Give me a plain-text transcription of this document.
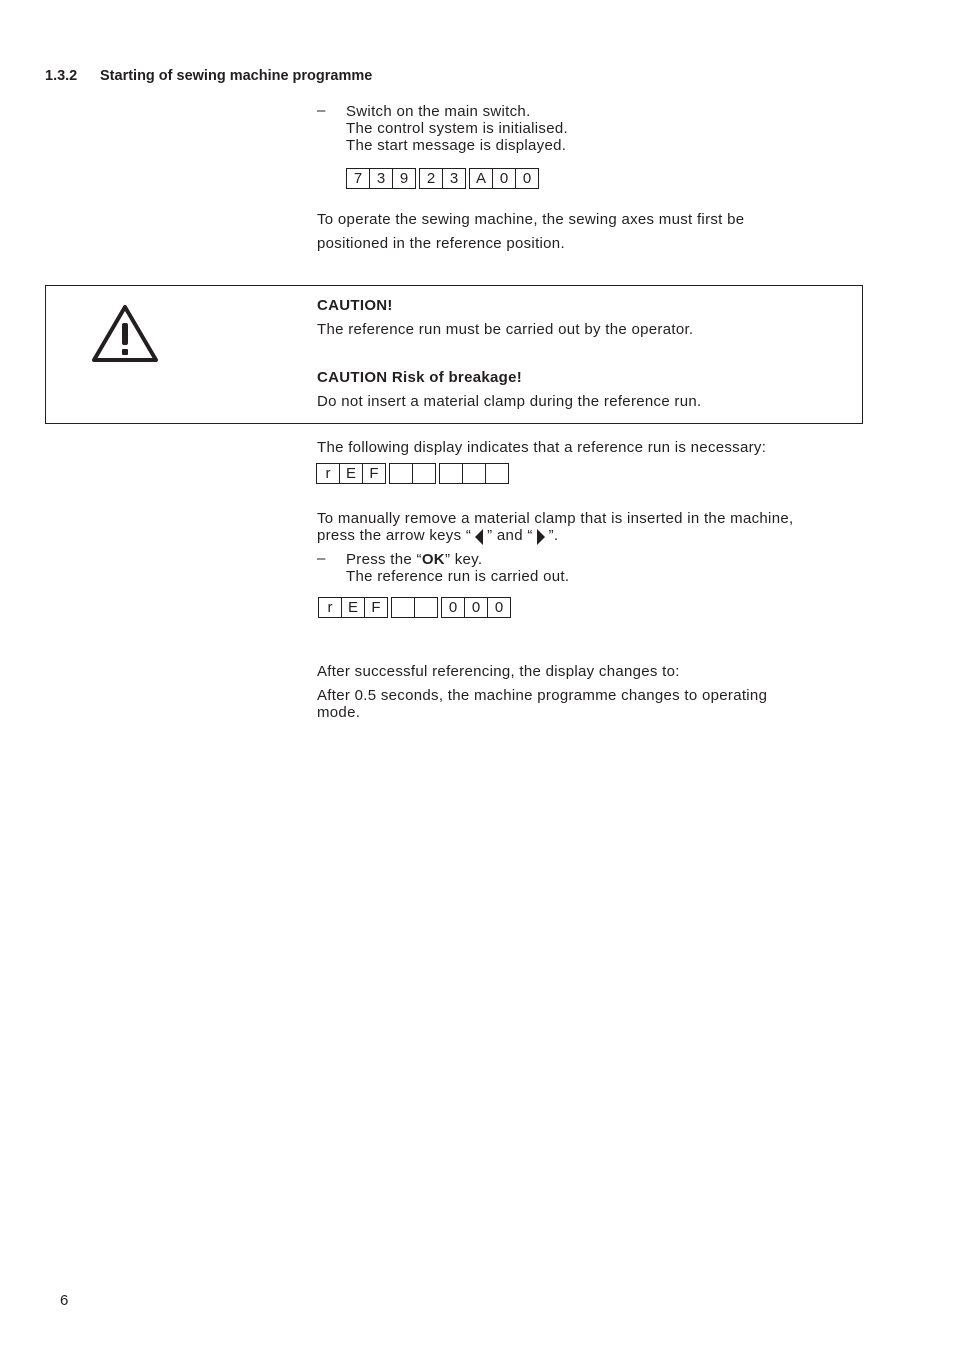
1.3.2 Starting of sewing machine programme
– Switch on the main switch.
The control system is initialised.
The start message is displayed.
7 3 9	2 3	A 0 0
To operate the sewing machine, the sewing axes must first be
positioned in the reference position.
CAUTION!
The reference run must be carried out by the operator.
CAUTION Risk of breakage!
Do not insert a material clamp during the reference run.
The following display indicates that a reference run is necessary:
r	E F
To manually remove a material clamp that is inserted in the machine,
press the arrow keys “ ” and “ ”.
– Press the “OK” key.
The reference run is carried out.
r	E F	0 0 0
After successful referencing, the display changes to:
After 0.5 seconds, the machine programme changes to operating
mode.
6
